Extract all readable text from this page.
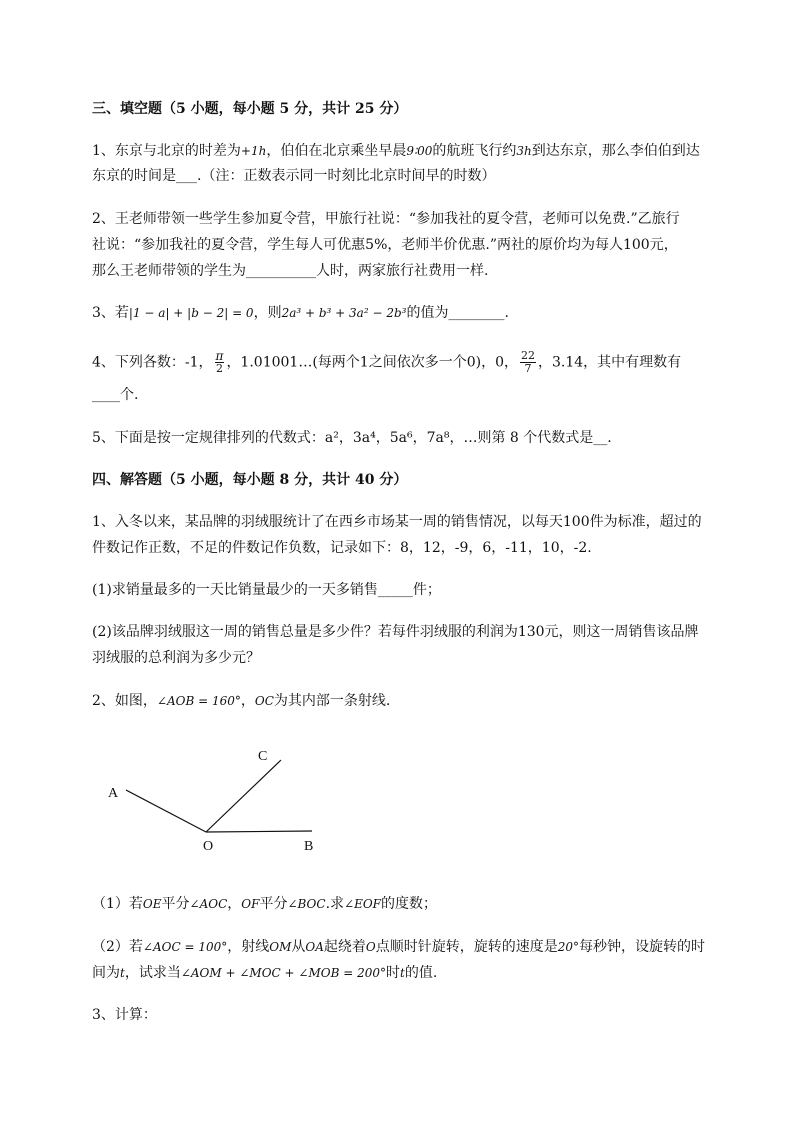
三、填空题（5 小题，每小题 5 分，共计 25 分）
1、东京与北京的时差为+1h，伯伯在北京乘坐早晨9∶00的航班飞行约3h到达东京，那么李伯伯到达
东京的时间是___.（注：正数表示同一时刻比北京时间早的时数）
2、王老师带领一些学生参加夏令营，甲旅行社说：“参加我社的夏令营，老师可以免费.”乙旅行
社说：“参加我社的夏令营，学生每人可优惠5%，老师半价优惠.”两社的原价均为每人100元，
那么王老师带领的学生为__________人时，两家旅行社费用一样.
3、若|1 − a| + |b − 2| = 0，则2a³ + b³ + 3a² − 2b³的值为________.
4、下列各数：-1， $\frac{\pi}{2}$ ，1.01001…(每两个1之间依次多一个0)，0， $\frac{22}{7}$ ，3.14，其中有理数有
____个.
5、下面是按一定规律排列的代数式：a²，3a⁴，5a⁶，7a⁸，…则第 8 个代数式是__.
四、解答题（5 小题，每小题 8 分，共计 40 分）
1、入冬以来，某品牌的羽绒服统计了在西乡市场某一周的销售情况，以每天100件为标准，超过的
件数记作正数，不足的件数记作负数，记录如下：8，12，-9，6，-11，10，-2.
(1)求销量最多的一天比销量最少的一天多销售_____件；
(2)该品牌羽绒服这一周的销售总量是多少件？若每件羽绒服的利润为130元，则这一周销售该品牌
羽绒服的总利润为多少元？
2、如图，∠AOB = 160°，OC为其内部一条射线.
C
A
O	B
（1）若OE平分∠AOC，OF平分∠BOC.求∠EOF的度数；
（2）若∠AOC = 100°，射线OM从OA起绕着O点顺时针旋转，旋转的速度是20°每秒钟，设旋转的时
间为t，试求当∠AOM + ∠MOC + ∠MOB = 200°时t的值.
3、计算：
